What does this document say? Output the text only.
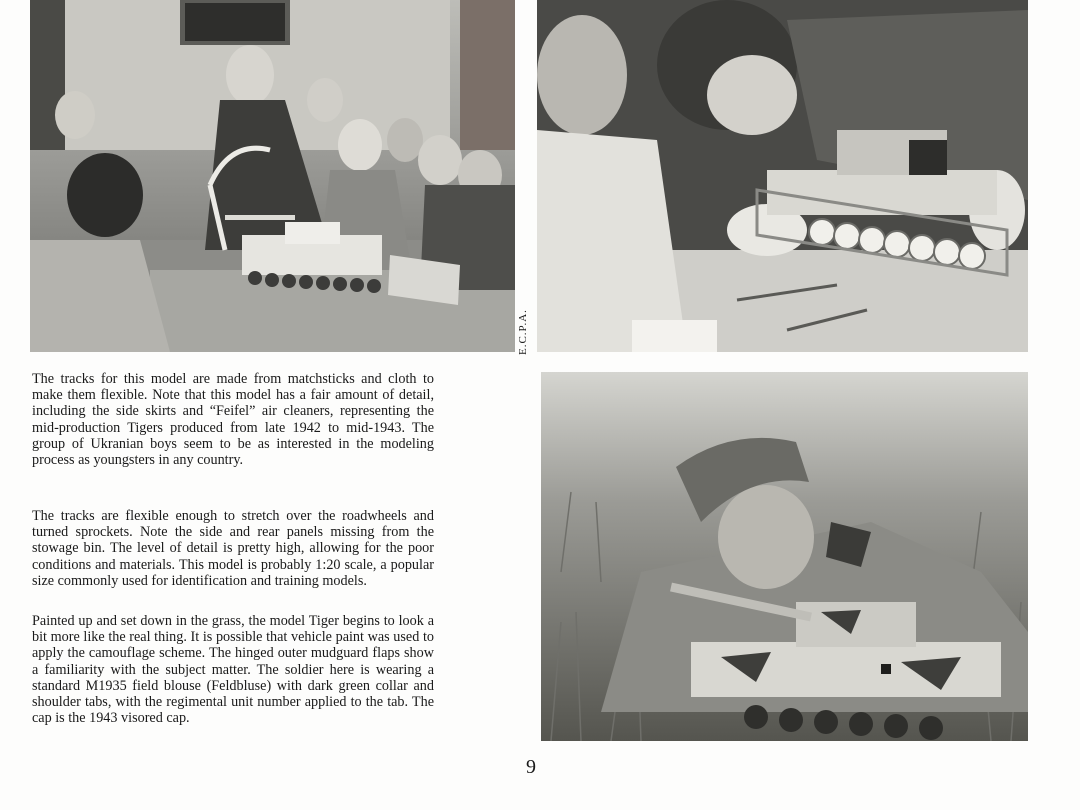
E.C.P.A.

The tracks for this model are made from matchsticks and cloth to make them flexible. Note that this model has a fair amount of detail, including the side skirts and “Feifel” air cleaners, representing the mid-production Tigers produced from late 1942 to mid-1943. The group of Ukranian boys seem to be as interested in the modeling process as youngsters in any country.

The tracks are flexible enough to stretch over the roadwheels and turned sprockets. Note the side and rear panels missing from the stowage bin. The level of detail is pretty high, allowing for the poor conditions and materials. This model is probably 1:20 scale, a popular size commonly used for identification and training models.

Painted up and set down in the grass, the model Tiger begins to look a bit more like the real thing. It is possible that vehicle paint was used to apply the camouflage scheme. The hinged outer mudguard flaps show a familiarity with the subject matter. The soldier here is wearing a standard M1935 field blouse (Feldbluse) with dark green collar and shoulder tabs, with the regimental unit number applied to the tab. The cap is the 1943 visored cap.

9
